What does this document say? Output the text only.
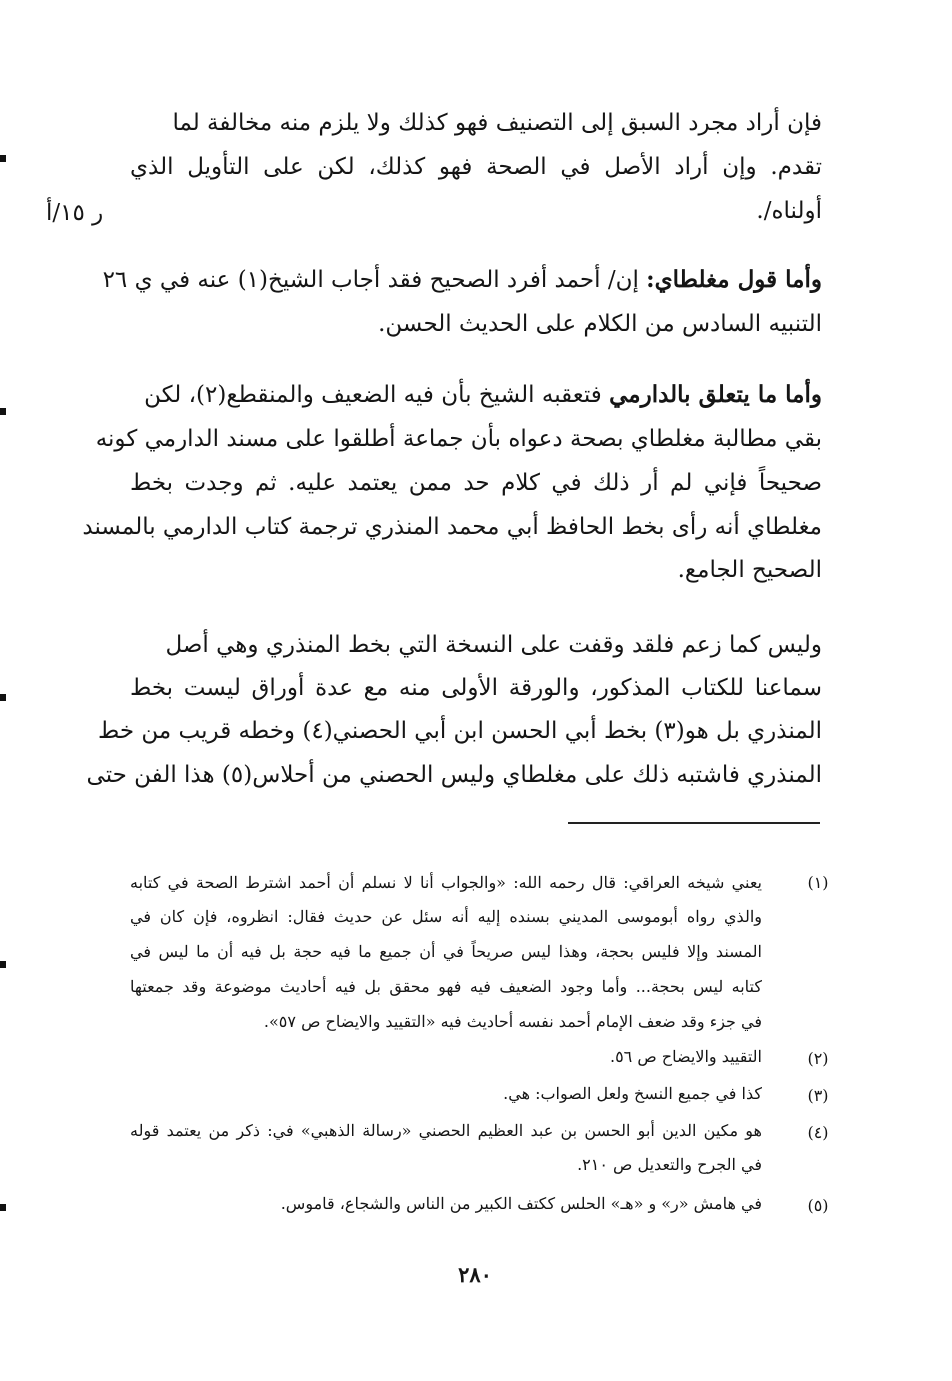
فإن أراد مجرد السبق إلى التصنيف فهو كذلك ولا يلزم منه مخالفة لما
تقدم. وإن أراد الأصل في الصحة فهو كذلك، لكن على التأويل الذي
أولناه/.
ر ١٥/أ
وأما قول مغلطاي: إن/ أحمد أفرد الصحيح فقد أجاب الشيخ(١) عنه في ي ٢٦
التنبيه السادس من الكلام على الحديث الحسن.
وأما ما يتعلق بالدارمي فتعقبه الشيخ بأن فيه الضعيف والمنقطع(٢)، لكن
بقي مطالبة مغلطاي بصحة دعواه بأن جماعة أطلقوا على مسند الدارمي كونه
صحيحاً فإني لم أر ذلك في كلام حد ممن يعتمد عليه. ثم وجدت بخط
مغلطاي أنه رأى بخط الحافظ أبي محمد المنذري ترجمة كتاب الدارمي بالمسند
الصحيح الجامع.
وليس كما زعم فلقد وقفت على النسخة التي بخط المنذري وهي أصل
سماعنا للكتاب المذكور، والورقة الأولى منه مع عدة أوراق ليست بخط
المنذري بل هو(٣) بخط أبي الحسن ابن أبي الحصني(٤) وخطه قريب من خط
المنذري فاشتبه ذلك على مغلطاي وليس الحصني من أحلاس(٥) هذا الفن حتى
(١)
يعني شيخه العراقي: قال رحمه الله: «والجواب أنا لا نسلم أن أحمد اشترط الصحة في كتابه
والذي رواه أبوموسى المديني بسنده إليه أنه سئل عن حديث فقال: انظروه، فإن كان في
المسند وإلا فليس بحجة، وهذا ليس صريحاً في أن جميع ما فيه حجة بل فيه أن ما ليس في
كتابه ليس بحجة... وأما وجود الضعيف فيه فهو محقق بل فيه أحاديث موضوعة وقد جمعتها
في جزء وقد ضعف الإمام أحمد نفسه أحاديث فيه «التقييد والايضاح ص ٥٧».
(٢)
التقييد والايضاح ص ٥٦.
(٣)
كذا في جميع النسخ ولعل الصواب: هي.
(٤)
هو مكين الدين أبو الحسن بن عبد العظيم الحصني «رسالة الذهبي» في: ذكر من يعتمد قوله
في الجرح والتعديل ص ٢١٠.
(٥)
في هامش «ر» و «هـ» الحلس ككتف الكبير من الناس والشجاع، قاموس.
٢٨٠
